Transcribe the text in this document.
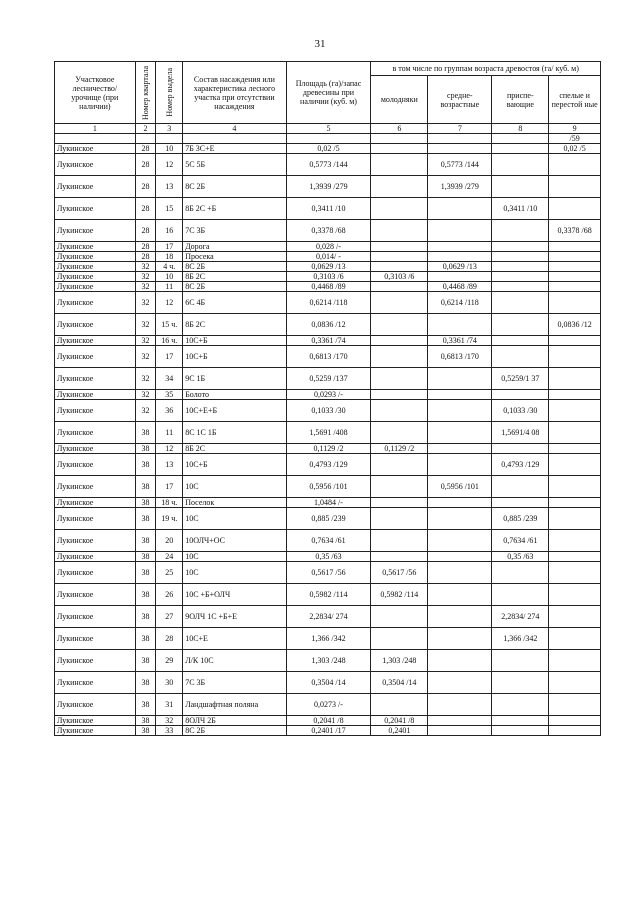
31
Участковое лесничество/ урочище (при наличии)	Номер квартала	Номер выдела	Состав насаждения или характеристика лесного участка при отсутствии насаждения	Площадь (га)/запас древесины при наличии (куб. м)	в том числе по группам возраста древостоя (га/ куб. м)			
					молодняки	средне-возрастные	приспе-вающие	спелые и перестой ные
1	2	3	4	5	6	7	8	9
								/59
Лукинское	28	10	7Б 3С+Е	0,02 /5				0,02 /5
Лукинское	28	12	5С 5Б	0,5773 /144		0,5773 /144		
Лукинское	28	13	8С 2Б	1,3939 /279		1,3939 /279		
Лукинское	28	15	8Б 2С +Б	0,3411 /10			0,3411 /10	
Лукинское	28	16	7С 3Б	0,3378 /68				0,3378 /68
Лукинское	28	17	Дорога	0,028 /-				
Лукинское	28	18	Просека	0,014/ -				
Лукинское	32	4 ч.	8С 2Б	0,0629 /13		0,0629 /13		
Лукинское	32	10	8Б 2С	0,3103 /6	0,3103 /6			
Лукинское	32	11	8С 2Б	0,4468 /89		0,4468 /89		
Лукинское	32	12	6С 4Б	0,6214 /118		0,6214 /118		
Лукинское	32	15 ч.	8Б 2С	0,0836 /12				0,0836 /12
Лукинское	32	16 ч.	10С+Б	0,3361 /74		0,3361 /74		
Лукинское	32	17	10С+Б	0,6813 /170		0,6813 /170		
Лукинское	32	34	9С 1Б	0,5259 /137			0,5259/1 37	
Лукинское	32	35	Болото	0,0293 /-				
Лукинское	32	36	10С+Е+Б	0,1033 /30			0,1033 /30	
Лукинское	38	11	8С 1С 1Б	1,5691 /408			1,5691/4 08	
Лукинское	38	12	8Б 2С	0,1129 /2	0,1129 /2			
Лукинское	38	13	10С+Б	0,4793 /129			0,4793 /129	
Лукинское	38	17	10С	0,5956 /101		0,5956 /101		
Лукинское	38	18 ч.	Поселок	1,0484 /-				
Лукинское	38	19 ч.	10С	0,885 /239			0,885 /239	
Лукинское	38	20	10ОЛЧ+ОС	0,7634 /61			0,7634 /61	
Лукинское	38	24	10С	0,35 /63			0,35 /63	
Лукинское	38	25	10С	0,5617 /56	0,5617 /56			
Лукинское	38	26	10С +Б+ОЛЧ	0,5982 /114	0,5982 /114			
Лукинское	38	27	9ОЛЧ 1С +Б+Е	2,2834/ 274			2,2834/ 274	
Лукинское	38	28	10С+Е	1,366 /342			1,366 /342	
Лукинское	38	29	Л/К 10С	1,303 /248	1,303 /248			
Лукинское	38	30	7С 3Б	0,3504 /14	0,3504 /14			
Лукинское	38	31	Ландшафтная поляна	0,0273 /-				
Лукинское	38	32	8ОЛЧ 2Б	0,2041 /8	0,2041 /8			
Лукинское	38	33	8С 2Б	0,2401 /17	0,2401			
